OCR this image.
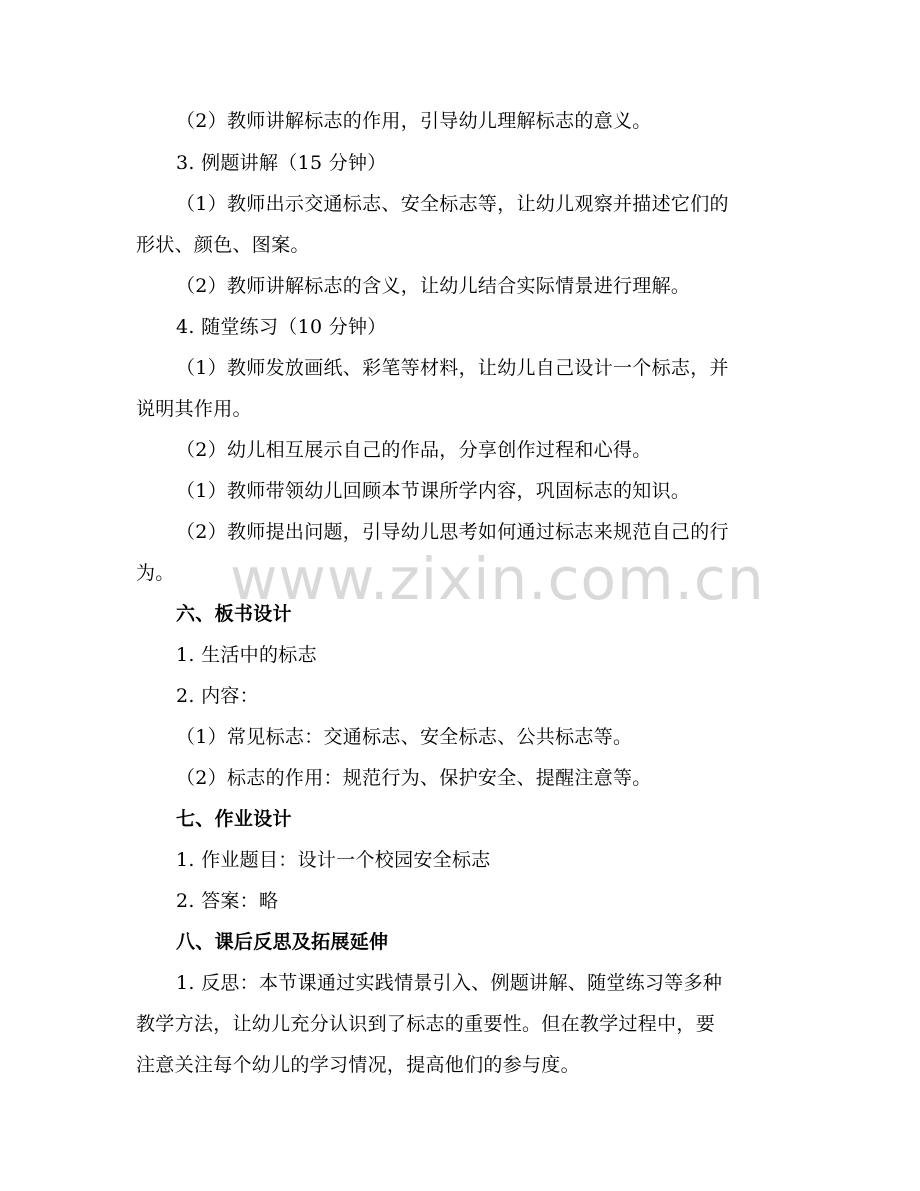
www.zixin.com.cn
（2）教师讲解标志的作用，引导幼儿理解标志的意义。
3. 例题讲解（15 分钟）
（1）教师出示交通标志、安全标志等，让幼儿观察并描述它们的
形状、颜色、图案。
（2）教师讲解标志的含义，让幼儿结合实际情景进行理解。
4. 随堂练习（10 分钟）
（1）教师发放画纸、彩笔等材料，让幼儿自己设计一个标志，并
说明其作用。
（2）幼儿相互展示自己的作品，分享创作过程和心得。
（1）教师带领幼儿回顾本节课所学内容，巩固标志的知识。
（2）教师提出问题，引导幼儿思考如何通过标志来规范自己的行
为。
六、板书设计
1. 生活中的标志
2. 内容：
（1）常见标志：交通标志、安全标志、公共标志等。
（2）标志的作用：规范行为、保护安全、提醒注意等。
七、作业设计
1. 作业题目：设计一个校园安全标志
2. 答案：略
八、课后反思及拓展延伸
1. 反思：本节课通过实践情景引入、例题讲解、随堂练习等多种
教学方法，让幼儿充分认识到了标志的重要性。但在教学过程中，要
注意关注每个幼儿的学习情况，提高他们的参与度。
